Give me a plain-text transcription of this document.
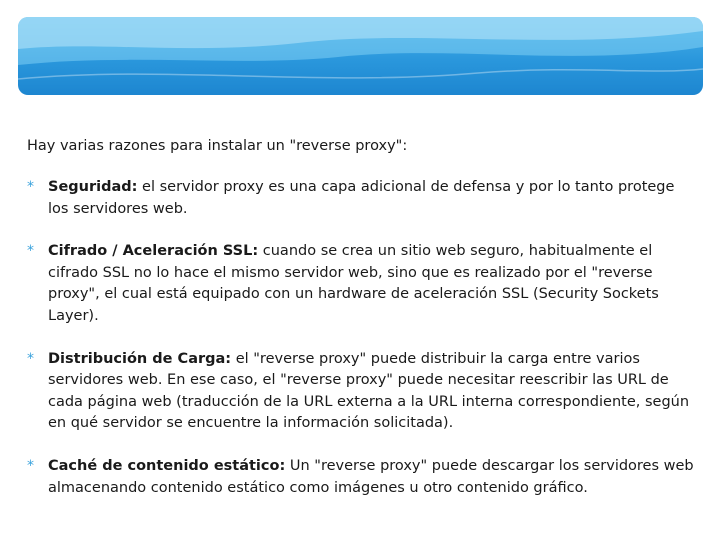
Hay varias razones para instalar un "reverse proxy":

* Seguridad: el servidor proxy es una capa adicional de defensa y por lo tanto protege los servidores web.
* Cifrado / Aceleración SSL: cuando se crea un sitio web seguro, habitualmente el cifrado SSL no lo hace el mismo servidor web, sino que es realizado por el "reverse proxy", el cual está equipado con un hardware de aceleración SSL (Security Sockets Layer).
* Distribución de Carga: el "reverse proxy" puede distribuir la carga entre varios servidores web. En ese caso, el "reverse proxy" puede necesitar reescribir las URL de cada página web (traducción de la URL externa a la URL interna correspondiente, según en qué servidor se encuentre la información solicitada).
* Caché de contenido estático: Un "reverse proxy" puede descargar los servidores web almacenando contenido estático como imágenes u otro contenido gráfico.
